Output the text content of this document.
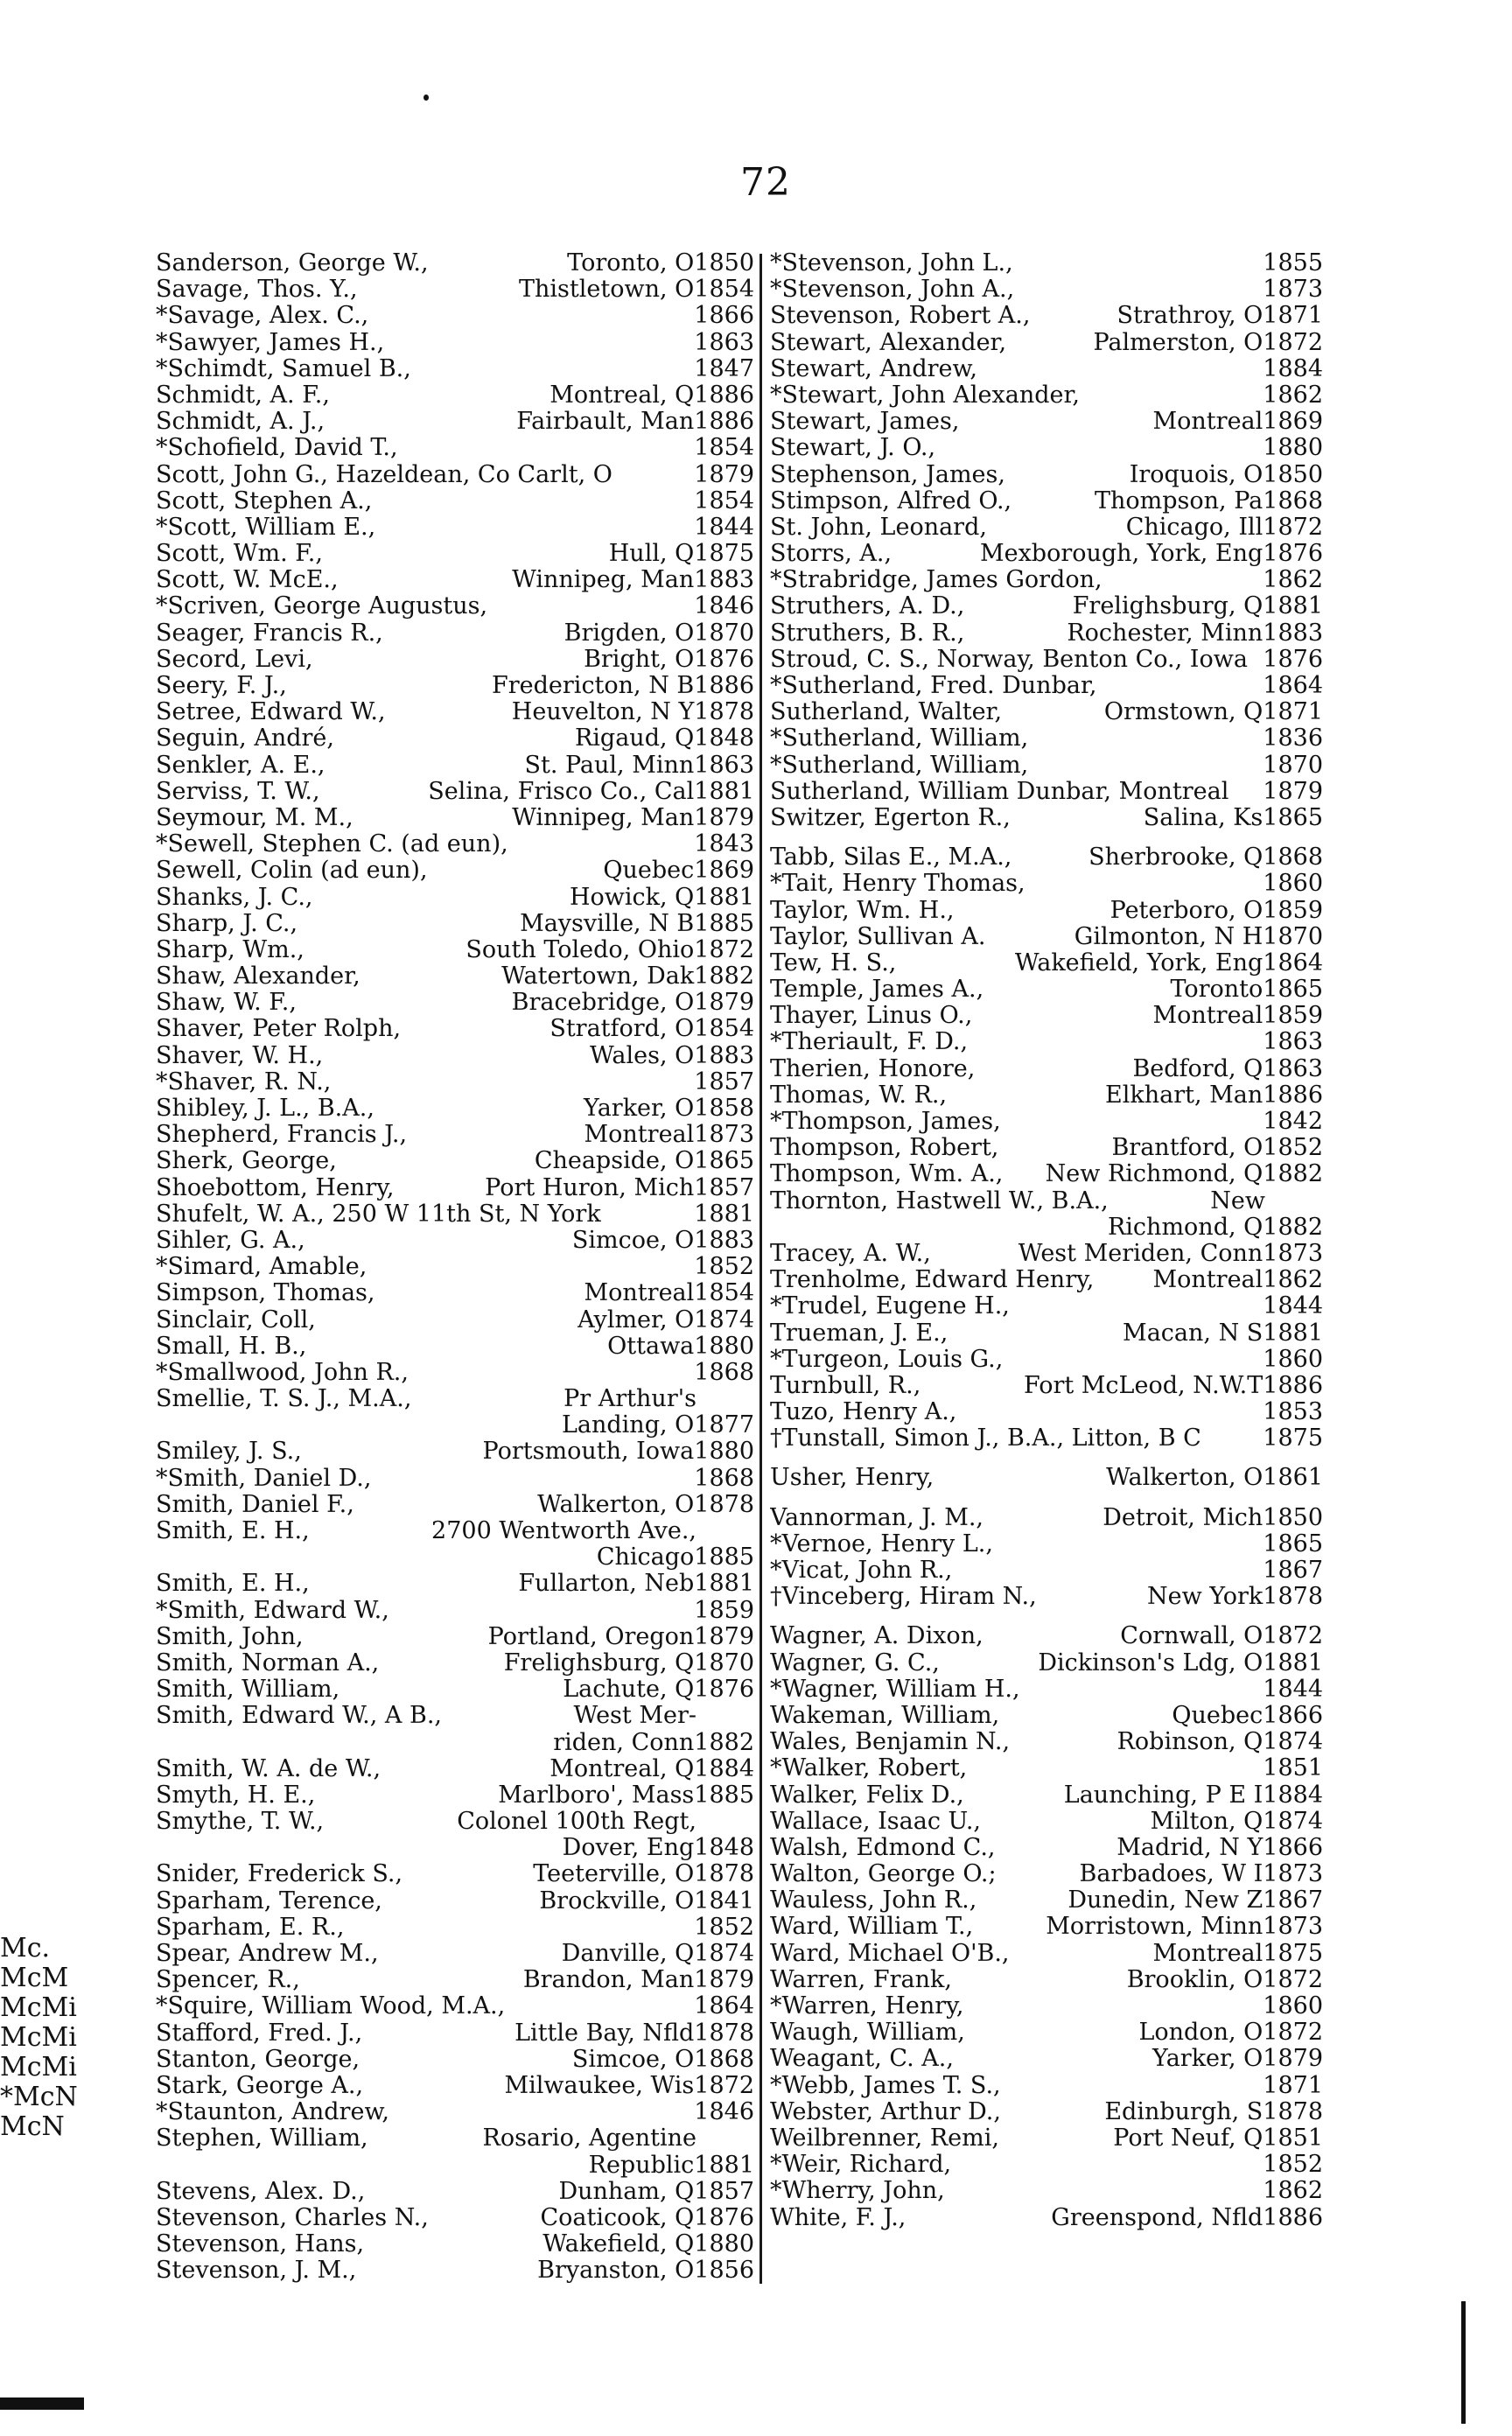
72
Sanderson, George W.,	Toronto, O 1850
Savage, Thos. Y.,	Thistletown, O 1854
*Savage, Alex. C.,	1866
*Sawyer, James H.,	1863
*Schimdt, Samuel B.,	1847
Schmidt, A. F.,	Montreal, Q 1886
Schmidt, A. J.,	Fairbault, Man 1886
*Schofield, David T.,	1854
Scott, John G., Hazeldean, Co Carlt, O	1879
Scott, Stephen A.,	1854
*Scott, William E.,	1844
Scott, Wm. F.,	Hull, Q 1875
Scott, W. McE.,	Winnipeg, Man 1883
*Scriven, George Augustus,	1846
Seager, Francis R.,	Brigden, O 1870
Secord, Levi,	Bright, O 1876
Seery, F. J.,	Fredericton, N B 1886
Setree, Edward W.,	Heuvelton, N Y 1878
Seguin, André,	Rigaud, Q 1848
Senkler, A. E.,	St. Paul, Minn 1863
Serviss, T. W.,	Selina, Frisco Co., Cal 1881
Seymour, M. M.,	Winnipeg, Man 1879
*Sewell, Stephen C. (ad eun),	1843
Sewell, Colin (ad eun),	Quebec 1869
Shanks, J. C.,	Howick, Q 1881
Sharp, J. C.,	Maysville, N B 1885
Sharp, Wm.,	South Toledo, Ohio 1872
Shaw, Alexander,	Watertown, Dak 1882
Shaw, W. F.,	Bracebridge, O 1879
Shaver, Peter Rolph,	Stratford, O 1854
Shaver, W. H.,	Wales, O 1883
*Shaver, R. N.,	1857
Shibley, J. L., B.A.,	Yarker, O 1858
Shepherd, Francis J.,	Montreal 1873
Sherk, George,	Cheapside, O 1865
Shoebottom, Henry,	Port Huron, Mich 1857
Shufelt, W. A., 250 W 11th St, N York	1881
Sihler, G. A.,	Simcoe, O 1883
*Simard, Amable,	1852
Simpson, Thomas,	Montreal 1854
Sinclair, Coll,	Aylmer, O 1874
Small, H. B.,	Ottawa 1880
*Smallwood, John R.,	1868
Smellie, T. S. J., M.A.,	Pr Arthur's
Landing, O 1877
Smiley, J. S.,	Portsmouth, Iowa 1880
*Smith, Daniel D.,	1868
Smith, Daniel F.,	Walkerton, O 1878
Smith, E. H.,	2700 Wentworth Ave.,
Chicago 1885
Smith, E. H.,	Fullarton, Neb 1881
*Smith, Edward W.,	1859
Smith, John,	Portland, Oregon 1879
Smith, Norman A.,	Frelighsburg, Q 1870
Smith, William,	Lachute, Q 1876
Smith, Edward W., A B.,	West Mer-
riden, Conn 1882
Smith, W. A. de W.,	Montreal, Q 1884
Smyth, H. E.,	Marlboro', Mass 1885
Smythe, T. W.,	Colonel 100th Regt,
Dover, Eng 1848
Snider, Frederick S.,	Teeterville, O 1878
Sparham, Terence,	Brockville, O 1841
Sparham, E. R.,	1852
Spear, Andrew M.,	Danville, Q 1874
Spencer, R.,	Brandon, Man 1879
*Squire, William Wood, M.A.,	1864
Stafford, Fred. J.,	Little Bay, Nfld 1878
Stanton, George,	Simcoe, O 1868
Stark, George A.,	Milwaukee, Wis 1872
*Staunton, Andrew,	1846
Stephen, William,	Rosario, Agentine
Republic 1881
Stevens, Alex. D.,	Dunham, Q 1857
Stevenson, Charles N.,	Coaticook, Q 1876
Stevenson, Hans,	Wakefield, Q 1880
Stevenson, J. M.,	Bryanston, O 1856
*Stevenson, John L.,	1855
*Stevenson, John A.,	1873
Stevenson, Robert A.,	Strathroy, O 1871
Stewart, Alexander,	Palmerston, O 1872
Stewart, Andrew,	1884
*Stewart, John Alexander,	1862
Stewart, James,	Montreal 1869
Stewart, J. O.,	1880
Stephenson, James,	Iroquois, O 1850
Stimpson, Alfred O.,	Thompson, Pa 1868
St. John, Leonard,	Chicago, Ill 1872
Storrs, A.,	Mexborough, York, Eng 1876
*Strabridge, James Gordon,	1862
Struthers, A. D.,	Frelighsburg, Q 1881
Struthers, B. R.,	Rochester, Minn 1883
Stroud, C. S., Norway, Benton Co., Iowa 1876
*Sutherland, Fred. Dunbar,	1864
Sutherland, Walter,	Ormstown, Q 1871
*Sutherland, William,	1836
*Sutherland, William,	1870
Sutherland, William Dunbar, Montreal	1879
Switzer, Egerton R.,	Salina, Ks 1865
Tabb, Silas E., M.A.,	Sherbrooke, Q 1868
*Tait, Henry Thomas,	1860
Taylor, Wm. H.,	Peterboro, O 1859
Taylor, Sullivan A.	Gilmonton, N H 1870
Tew, H. S.,	Wakefield, York, Eng 1864
Temple, James A.,	Toronto 1865
Thayer, Linus O.,	Montreal 1859
*Theriault, F. D.,	1863
Therien, Honore,	Bedford, Q 1863
Thomas, W. R.,	Elkhart, Man 1886
*Thompson, James,	1842
Thompson, Robert,	Brantford, O 1852
Thompson, Wm. A.,	New Richmond, Q 1882
Thornton, Hastwell W., B.A.,	New
Richmond, Q 1882
Tracey, A. W.,	West Meriden, Conn 1873
Trenholme, Edward Henry,	Montreal 1862
*Trudel, Eugene H.,	1844
Trueman, J. E.,	Macan, N S 1881
*Turgeon, Louis G.,	1860
Turnbull, R.,	Fort McLeod, N.W.T 1886
Tuzo, Henry A.,	1853
†Tunstall, Simon J., B.A., Litton, B C	1875
Usher, Henry,	Walkerton, O 1861
Vannorman, J. M.,	Detroit, Mich 1850
*Vernoe, Henry L.,	1865
*Vicat, John R.,	1867
†Vinceberg, Hiram N.,	New York 1878
Wagner, A. Dixon,	Cornwall, O 1872
Wagner, G. C.,	Dickinson's Ldg, O 1881
*Wagner, William H.,	1844
Wakeman, William,	Quebec 1866
Wales, Benjamin N.,	Robinson, Q 1874
*Walker, Robert,	1851
Walker, Felix D.,	Launching, P E I 1884
Wallace, Isaac U.,	Milton, Q 1874
Walsh, Edmond C.,	Madrid, N Y 1866
Walton, George O.;	Barbadoes, W I 1873
Wauless, John R.,	Dunedin, New Z 1867
Ward, William T.,	Morristown, Minn 1873
Ward, Michael O'B.,	Montreal 1875
Warren, Frank,	Brooklin, O 1872
*Warren, Henry,	1860
Waugh, William,	London, O 1872
Weagant, C. A.,	Yarker, O 1879
*Webb, James T. S.,	1871
Webster, Arthur D.,	Edinburgh, S 1878
Weilbrenner, Remi,	Port Neuf, Q 1851
*Weir, Richard,	1852
*Wherry, John,	1862
White, F. J.,	Greenspond, Nfld 1886
Mc.
McM
McMi
McMi
McMi
*McN
McN
